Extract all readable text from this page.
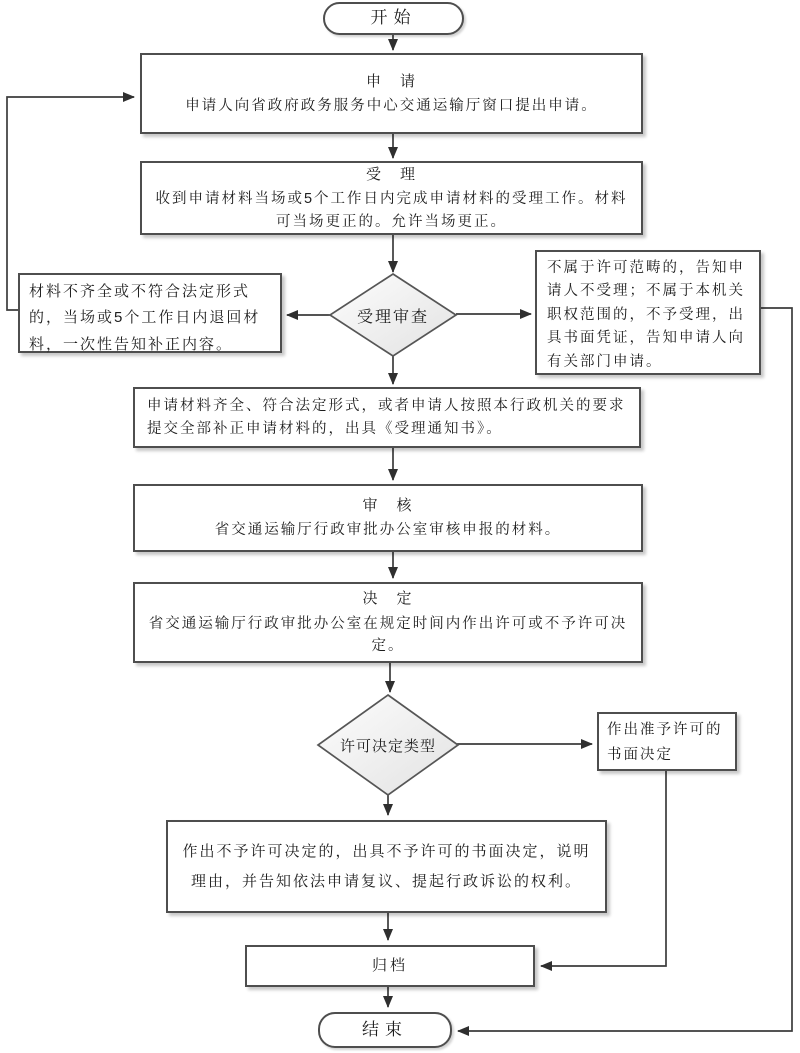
开始
申　请
申请人向省政府政务服务中心交通运输厅窗口提出申请。
受　理
收到申请材料当场或5个工作日内完成申请材料的受理工作。材料可当场更正的。允许当场更正。
受理审查
材料不齐全或不符合法定形式的，当场或5个工作日内退回材料，一次性告知补正内容。
不属于许可范畴的，告知申请人不受理；不属于本机关职权范围的，不予受理，出具书面凭证，告知申请人向有关部门申请。
申请材料齐全、符合法定形式，或者申请人按照本行政机关的要求提交全部补正申请材料的，出具《受理通知书》。
审　核
省交通运输厅行政审批办公室审核申报的材料。
决　定
省交通运输厅行政审批办公室在规定时间内作出许可或不予许可决定。
许可决定类型
作出准予许可的书面决定
作出不予许可决定的，出具不予许可的书面决定，说明理由，并告知依法申请复议、提起行政诉讼的权利。
归档
结束
